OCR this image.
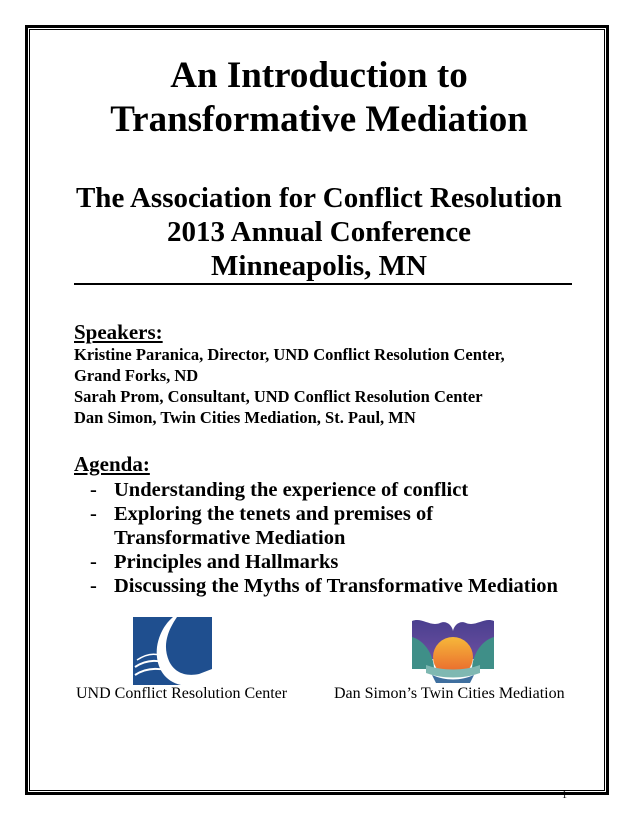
An Introduction to
Transformative Mediation
The Association for Conflict Resolution
2013 Annual Conference
Minneapolis, MN

Speakers:

Kristine Paranica, Director, UND Conflict Resolution Center,

Grand Forks, ND

Sarah Prom, Consultant, UND Conflict Resolution Center

Dan Simon, Twin Cities Mediation, St. Paul, MN

Agenda:

- Understanding the experience of conflict
- Exploring the tenets and premises of
Transformative Mediation
- Principles and Hallmarks
- Discussing the Myths of Transformative Mediation

UND Conflict Resolution Center	Dan Simon’s Twin Cities Mediation

1
